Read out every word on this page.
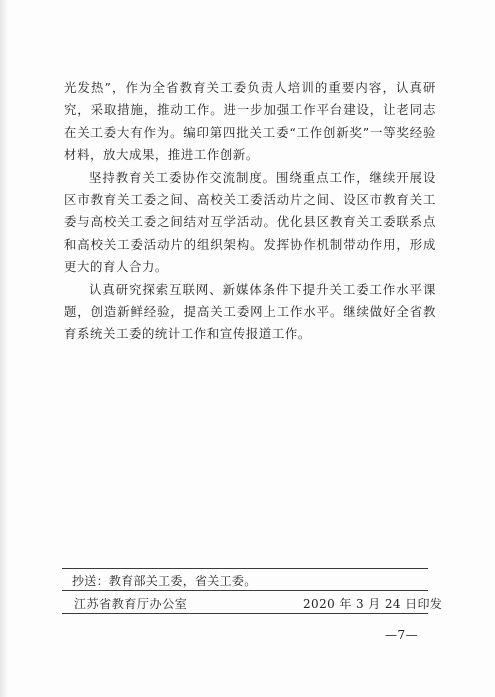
光发热”，作为全省教育关工委负责人培训的重要内容，认真研究，采取措施，推动工作。进一步加强工作平台建设，让老同志在关工委大有作为。编印第四批关工委“工作创新奖”一等奖经验材料，放大成果，推进工作创新。

坚持教育关工委协作交流制度。围绕重点工作，继续开展设区市教育关工委之间、高校关工委活动片之间、设区市教育关工委与高校关工委之间结对互学活动。优化县区教育关工委联系点和高校关工委活动片的组织架构。发挥协作机制带动作用，形成更大的育人合力。

认真研究探索互联网、新媒体条件下提升关工委工作水平课题，创造新鲜经验，提高关工委网上工作水平。继续做好全省教育系统关工委的统计工作和宣传报道工作。

抄送：教育部关工委，省关工委。
江苏省教育厅办公室	2020 年 3 月 24 日印发
—7—
